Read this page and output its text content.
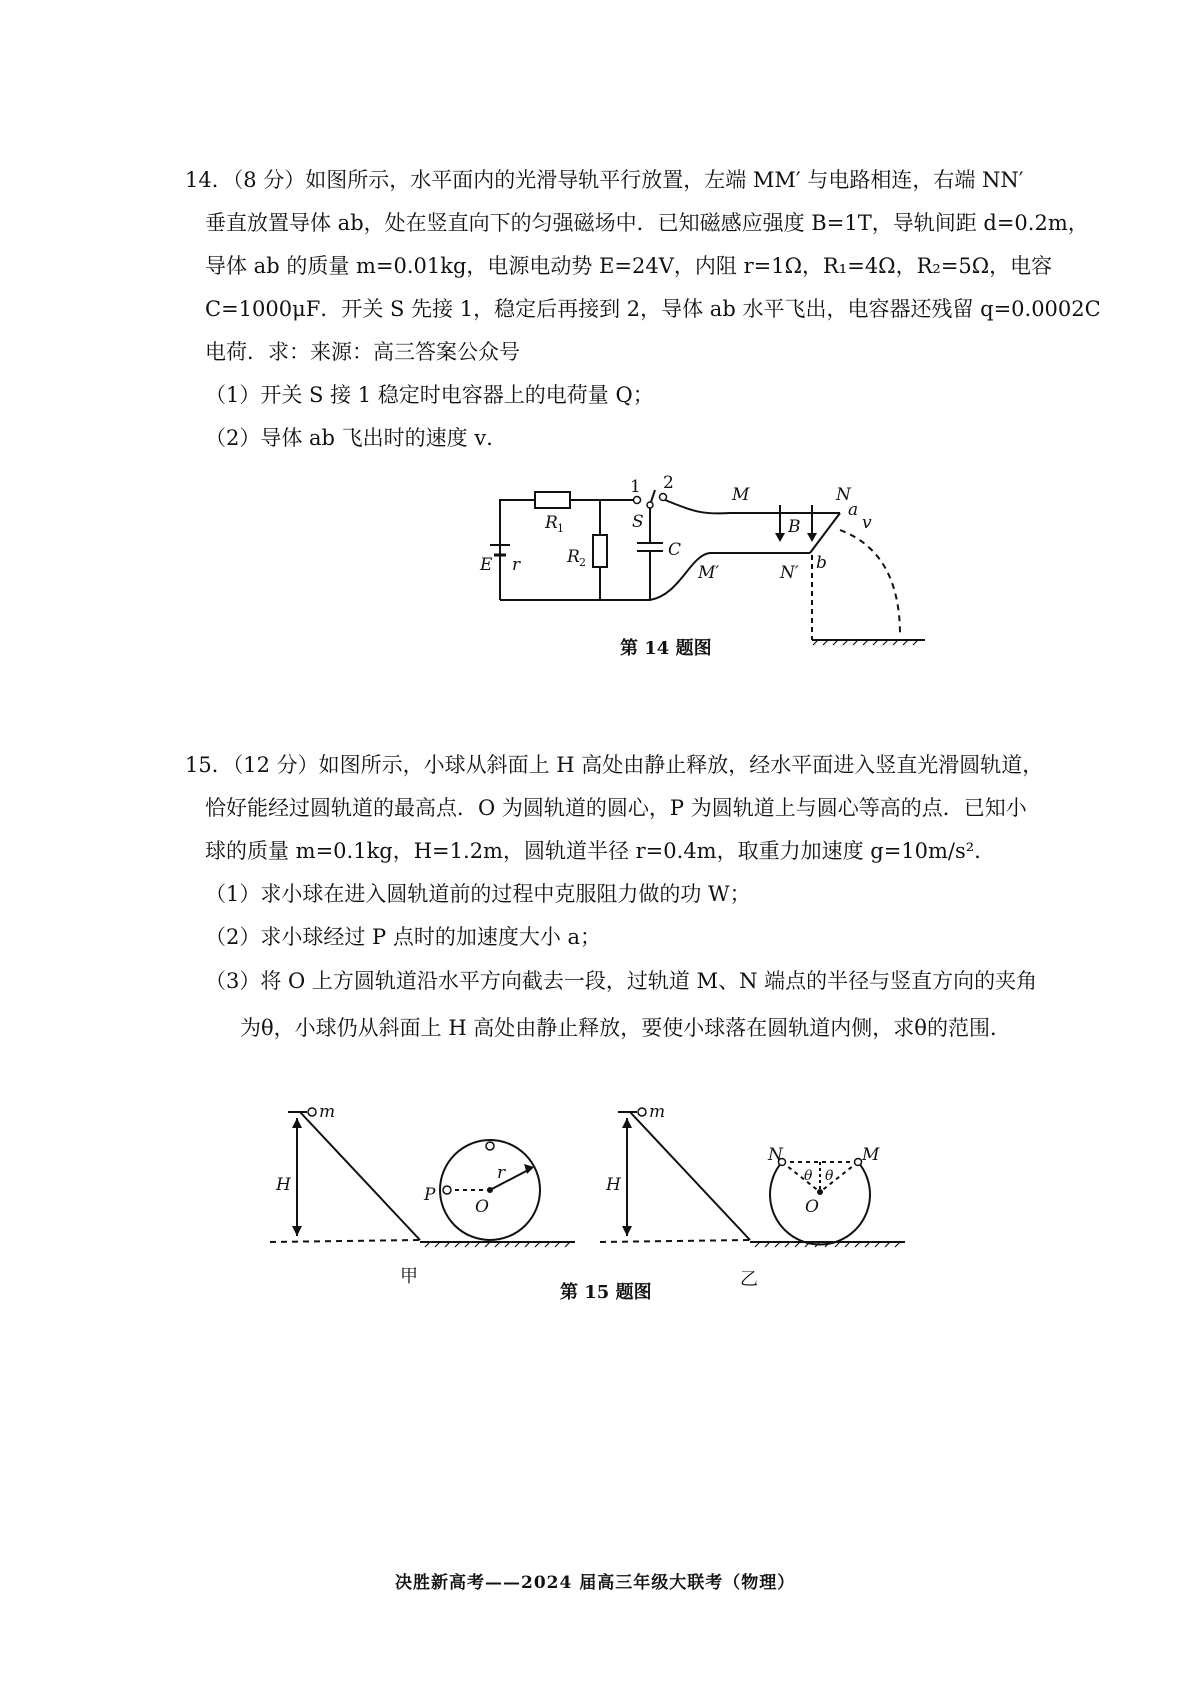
14．（8 分）如图所示，水平面内的光滑导轨平行放置，左端 MM′ 与电路相连，右端 NN′
垂直放置导体 ab，处在竖直向下的匀强磁场中．已知磁感应强度 B=1T，导轨间距 d=0.2m，
导体 ab 的质量 m=0.01kg，电源电动势 E=24V，内阻 r=1Ω，R₁=4Ω，R₂=5Ω，电容
C=1000μF．开关 S 先接 1，稳定后再接到 2，导体 ab 水平飞出，电容器还残留 q=0.0002C
电荷．求：来源：高三答案公众号
（1）开关 S 接 1 稳定时电容器上的电荷量 Q；
（2）导体 ab 飞出时的速度 v．
1 2
M	N
a
v
R 1	S	B
C
E r	R 2
M′	N′ b
第 14 题图
15．（12 分）如图所示，小球从斜面上 H 高处由静止释放，经水平面进入竖直光滑圆轨道，
恰好能经过圆轨道的最高点．O 为圆轨道的圆心，P 为圆轨道上与圆心等高的点．已知小
球的质量 m=0.1kg，H=1.2m，圆轨道半径 r=0.4m，取重力加速度 g=10m/s²．
（1）求小球在进入圆轨道前的过程中克服阻力做的功 W；
（2）求小球经过 P 点时的加速度大小 a；
（3）将 O 上方圆轨道沿水平方向截去一段，过轨道 M、N 端点的半径与竖直方向的夹角
为θ，小球仍从斜面上 H 高处由静止释放，要使小球落在圆轨道内侧，求θ的范围．
m
H	P
O
r
甲
m
H
N	M
O
θ θ
乙
第 15 题图
决胜新高考——2024 届高三年级大联考（物理）
